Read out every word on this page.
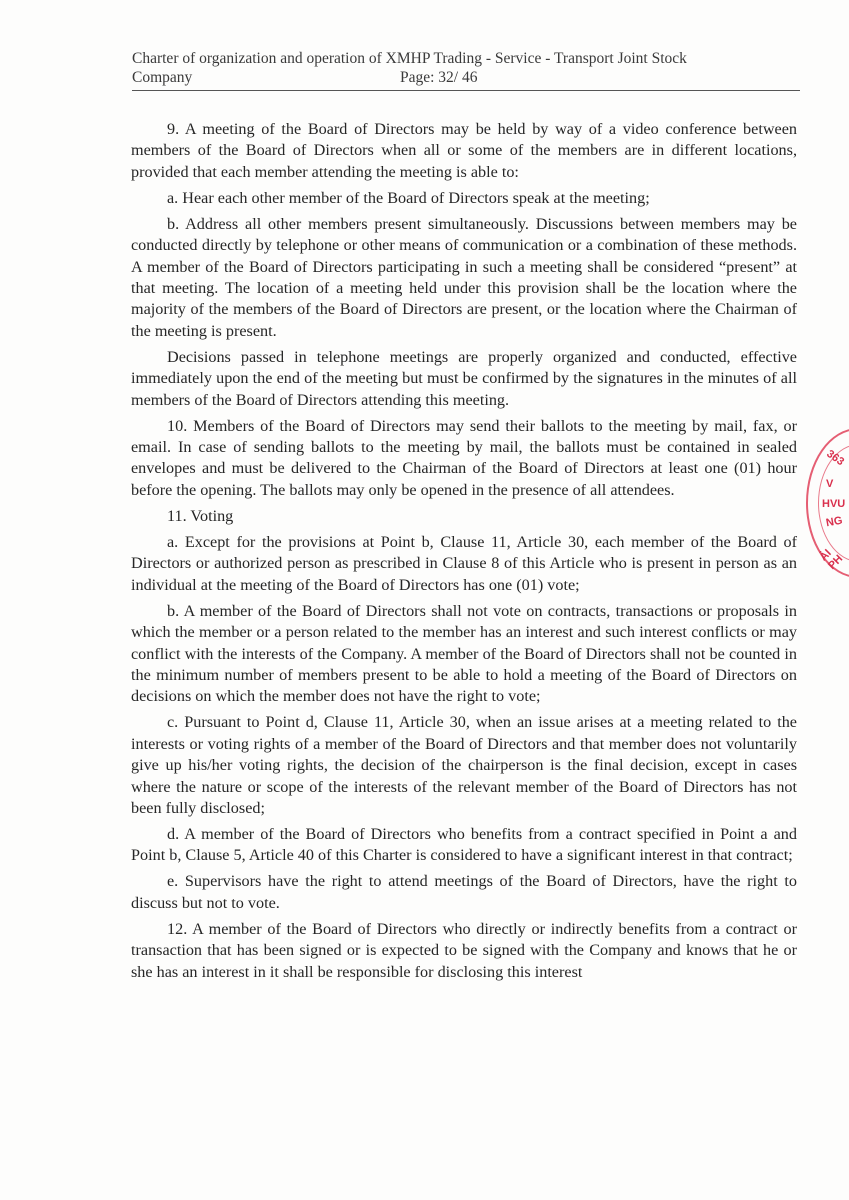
Charter of organization and operation of XMHP Trading - Service - Transport Joint Stock
Company	Page: 32/ 46

9. A meeting of the Board of Directors may be held by way of a video conference between members of the Board of Directors when all or some of the members are in different locations, provided that each member attending the meeting is able to:

a. Hear each other member of the Board of Directors speak at the meeting;

b. Address all other members present simultaneously. Discussions between members may be conducted directly by telephone or other means of communication or a combination of these methods. A member of the Board of Directors participating in such a meeting shall be considered “present” at that meeting. The location of a meeting held under this provision shall be the location where the majority of the members of the Board of Directors are present, or the location where the Chairman of the meeting is present.

Decisions passed in telephone meetings are properly organized and conducted, effective immediately upon the end of the meeting but must be confirmed by the signatures in the minutes of all members of the Board of Directors attending this meeting.

10. Members of the Board of Directors may send their ballots to the meeting by mail, fax, or email. In case of sending ballots to the meeting by mail, the ballots must be contained in sealed envelopes and must be delivered to the Chairman of the Board of Directors at least one (01) hour before the opening. The ballots may only be opened in the presence of all attendees.

11. Voting

a. Except for the provisions at Point b, Clause 11, Article 30, each member of the Board of Directors or authorized person as prescribed in Clause 8 of this Article who is present in person as an individual at the meeting of the Board of Directors has one (01) vote;

b. A member of the Board of Directors shall not vote on contracts, transactions or proposals in which the member or a person related to the member has an interest and such interest conflicts or may conflict with the interests of the Company. A member of the Board of Directors shall not be counted in the minimum number of members present to be able to hold a meeting of the Board of Directors on decisions on which the member does not have the right to vote;

c. Pursuant to Point d, Clause 11, Article 30, when an issue arises at a meeting related to the interests or voting rights of a member of the Board of Directors and that member does not voluntarily give up his/her voting rights, the decision of the chairperson is the final decision, except in cases where the nature or scope of the interests of the relevant member of the Board of Directors has not been fully disclosed;

d. A member of the Board of Directors who benefits from a contract specified in Point a and Point b, Clause 5, Article 40 of this Charter is considered to have a significant interest in that contract;

e. Supervisors have the right to attend meetings of the Board of Directors, have the right to discuss but not to vote.

12. A member of the Board of Directors who directly or indirectly benefits from a contract or transaction that has been signed or is expected to be signed with the Company and knows that he or she has an interest in it shall be responsible for disclosing this interest

363
V
HVU
NG
ẢI PH
